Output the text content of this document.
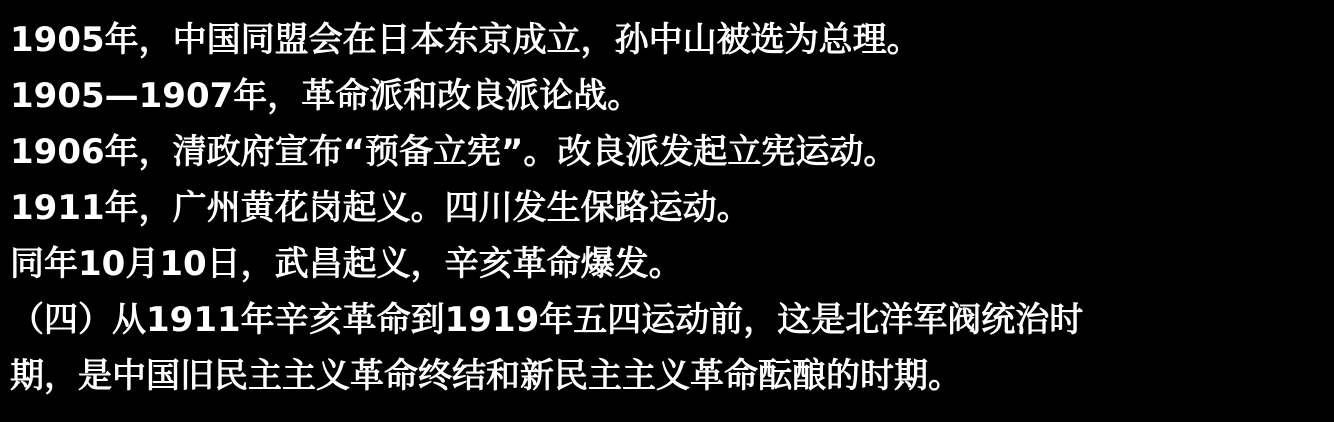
1905年，中国同盟会在日本东京成立，孙中山被选为总理。
1905—1907年，革命派和改良派论战。
1906年，清政府宣布“预备立宪”。改良派发起立宪运动。
1911年，广州黄花岗起义。四川发生保路运动。
同年10月10日，武昌起义，辛亥革命爆发。
（四）从1911年辛亥革命到1919年五四运动前，这是北洋军阀统治时
期，是中国旧民主主义革命终结和新民主主义革命酝酿的时期。
